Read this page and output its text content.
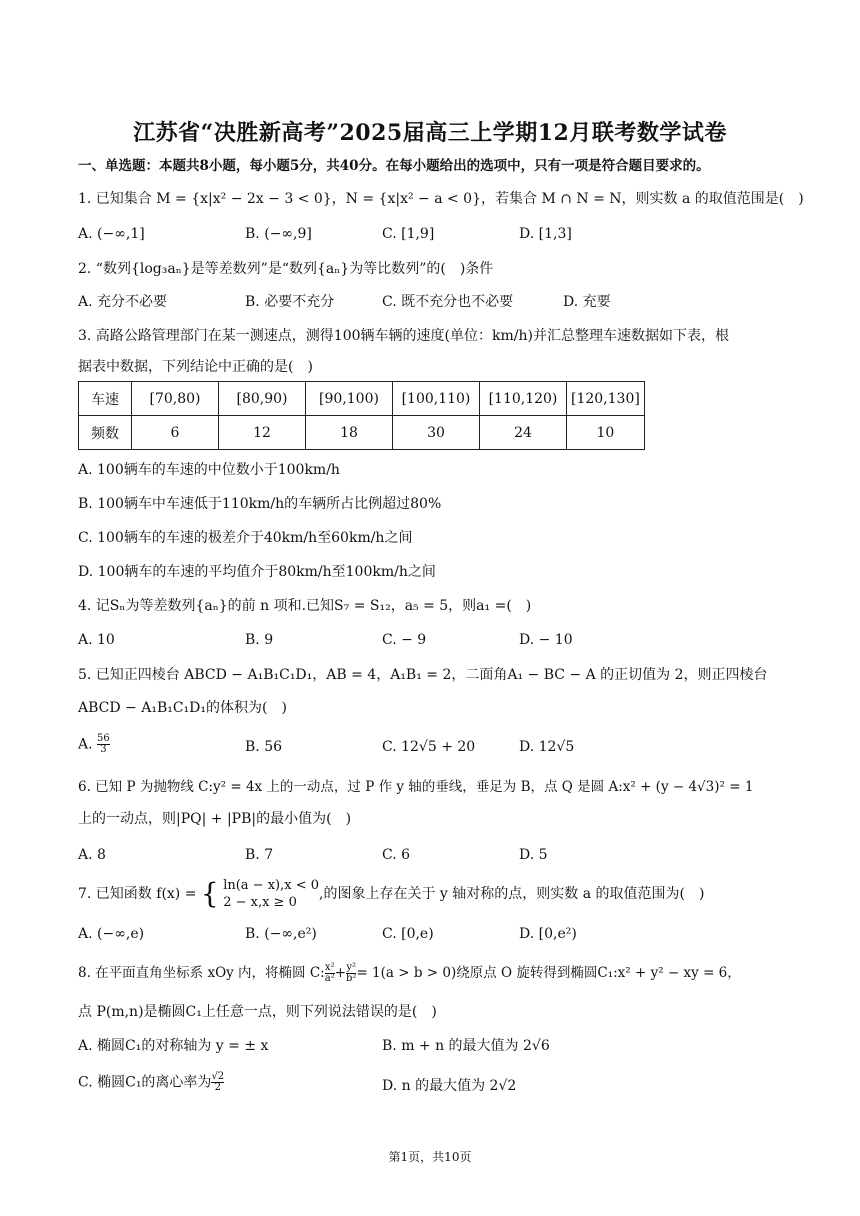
江苏省“决胜新高考”2025届高三上学期12月联考数学试卷
一、单选题：本题共8小题，每小题5分，共40分。在每小题给出的选项中，只有一项是符合题目要求的。
1. 已知集合 M = {x|x² − 2x − 3 < 0}，N = {x|x² − a < 0}，若集合 M ∩ N = N，则实数 a 的取值范围是(　)
A. (−∞,1]	B. (−∞,9]	C. [1,9]	D. [1,3]
2. “数列{log₃aₙ}是等差数列”是“数列{aₙ}为等比数列”的(　)条件
A. 充分不必要	B. 必要不充分	C. 既不充分也不必要	D. 充要
3. 高路公路管理部门在某一测速点，测得100辆车辆的速度(单位：km/h)并汇总整理车速数据如下表，根
据表中数据，下列结论中正确的是(　)
车速	[70,80)	[80,90)	[90,100)	[100,110)	[110,120)	[120,130]
频数	6	12	18	30	24	10
A. 100辆车的车速的中位数小于100km/h
B. 100辆车中车速低于110km/h的车辆所占比例超过80%
C. 100辆车的车速的极差介于40km/h至60km/h之间
D. 100辆车的车速的平均值介于80km/h至100km/h之间
4. 记Sₙ为等差数列{aₙ}的前 n 项和.已知S₇ = S₁₂，a₅ = 5，则a₁ =(　)
A. 10	B. 9	C. − 9	D. − 10
5. 已知正四棱台 ABCD − A₁B₁C₁D₁，AB = 4，A₁B₁ = 2，二面角A₁ − BC − A 的正切值为 2，则正四棱台
ABCD − A₁B₁C₁D₁的体积为(　)
A. $\frac{56}{3}$	B. 56	C. 12√5 + 20	D. 12√5
6. 已知 P 为抛物线 C:y² = 4x 上的一动点，过 P 作 y 轴的垂线，垂足为 B，点 Q 是圆 A:x² + (y − 4√3)² = 1
上的一动点，则|PQ| + |PB|的最小值为(　)
A. 8	B. 7	C. 6	D. 5
7. 已知函数 f(x) = { ln(a − x),x < 0
2 − x,x ≥ 0
,的图象上存在关于 y 轴对称的点，则实数 a 的取值范围为(　)
A. (−∞,e)	B. (−∞,e²)	C. [0,e)	D. [0,e²)
8. 在平面直角坐标系 xOy 内，将椭圆 C: $\frac{\text{x²}}{\text{a²}} + \frac{\text{y²}}{\text{b²}} = 1(a > b > 0)$绕原点 O 旋转得到椭圆C₁:x² + y² − xy = 6，
点 P(m,n)是椭圆C₁上任意一点，则下列说法错误的是(　)
A. 椭圆C₁的对称轴为 y = ± x	B. m + n 的最大值为 2√6
C. 椭圆C₁的离心率为 $\frac{√2}{2}$	D. n 的最大值为 2√2
第1页，共10页
